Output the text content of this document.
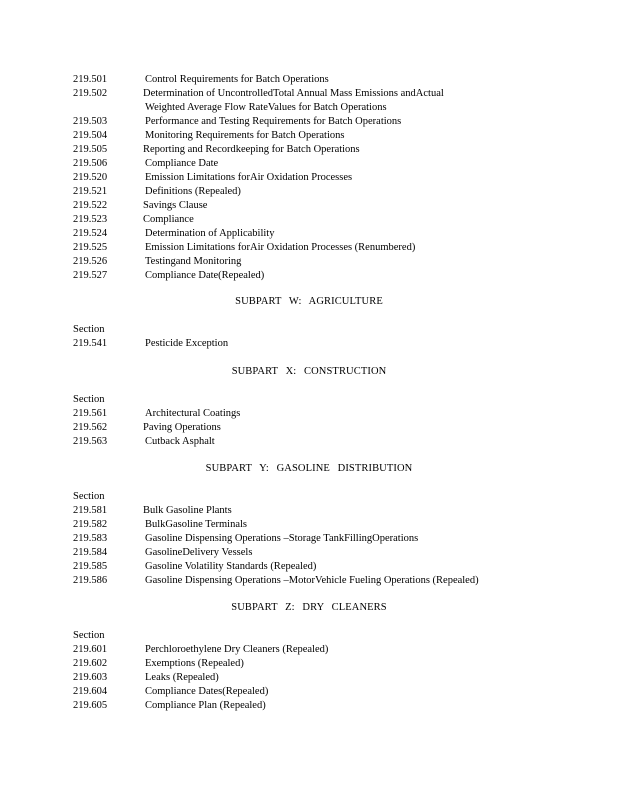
219.501	Control Requirements for Batch Operations
219.502	Determination of UncontrolledTotal Annual Mass Emissions andActual
Weighted Average Flow RateValues for Batch Operations
219.503	Performance and Testing Requirements for Batch Operations
219.504	Monitoring Requirements for Batch Operations
219.505	Reporting and Recordkeeping for Batch Operations
219.506	Compliance Date
219.520	Emission Limitations forAir Oxidation Processes
219.521	Definitions (Repealed)
219.522	Savings Clause
219.523	Compliance
219.524	Determination of Applicability
219.525	Emission Limitations forAir Oxidation Processes (Renumbered)
219.526	Testingand Monitoring
219.527	Compliance Date(Repealed)
SUBPART W: AGRICULTURE
Section
219.541	Pesticide Exception
SUBPART X: CONSTRUCTION
Section
219.561	Architectural Coatings
219.562	Paving Operations
219.563	Cutback Asphalt
SUBPART Y: GASOLINE DISTRIBUTION
Section
219.581	Bulk Gasoline Plants
219.582	BulkGasoline Terminals
219.583	Gasoline Dispensing Operations –Storage TankFillingOperations
219.584	GasolineDelivery Vessels
219.585	Gasoline Volatility Standards (Repealed)
219.586	Gasoline Dispensing Operations –MotorVehicle Fueling Operations (Repealed)
SUBPART Z: DRY CLEANERS
Section
219.601	Perchloroethylene Dry Cleaners (Repealed)
219.602	Exemptions (Repealed)
219.603	Leaks (Repealed)
219.604	Compliance Dates(Repealed)
219.605	Compliance Plan (Repealed)
